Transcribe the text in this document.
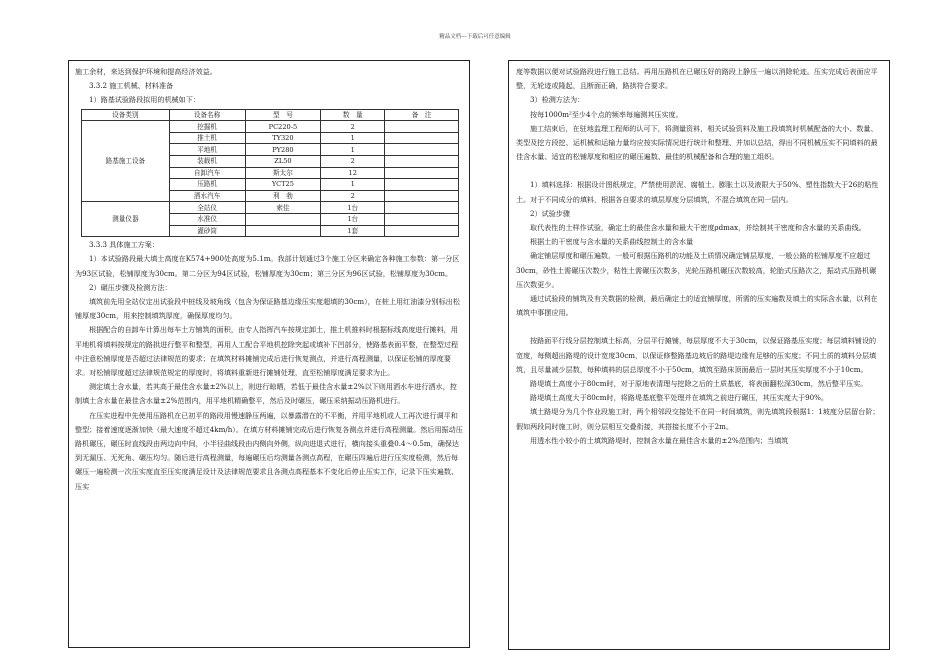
精品文档---下载后可任意编辑

施工余材，来达到保护环境和提高经济效益。

3.3.2 施工机械、材料准备

1）路基试验路段拟用的机械如下：

设备类别	设备名称	型　号	数　量	备　注
路基施工设备	挖掘机	PC220-5	2	
	推土机	TY320	1	
	平地机	PY280	1	
	装载机	ZL50	2	
	自卸汽车	斯太尔	12	
	压路机	YCT25	1	
	洒水汽车	利　勃	2	
测量仪器	全站仪	索佳	1台	
	水准仪		1台	
	灌砂筒		1套	

3.3.3 具体施工方案：

1）本试验路段最大填土高度在K574+900处高度为5.1m。我部计划通过3个施工分区来确定各种施工参数：第一分区为93区试验，松铺厚度为30cm。第二分区为94区试验，松铺厚度为30cm；第三分区为96区试验，松铺厚度为30cm。

2）碾压步骤及检测方法：

填筑前先用全站仪定出试验段中桩线及坡角线（包含为保证路基边缘压实度超填的30cm），在桩上用红油漆分别标出松铺厚度30cm，用来控制填筑厚度，确保厚度均匀。

根据配合的自卸车计算出每车土方铺筑的面积，由专人指挥汽车按规定卸土，推土机推料时根据标线高度进行摊料，用平地机将填料按规定的路拱进行整平和整型，再用人工配合平地机挖除突起或填补下凹部分，使路基表面平整，在整型过程中注意松铺厚度是否超过法律规范的要求；在填筑材料摊铺完成后进行恢复测点，并进行高程测量，以保证松铺的厚度要求。对松铺厚度超过法律规范规定的厚度时，将填料重新进行摊铺处理，直至松铺厚度满足要求为止。

测定填土含水量，若其高于最佳含水量±2%以上，则进行晾晒，若低于最佳含水量±2%以下则用洒水车进行洒水，控制填土含水量在最佳含水量±2%范围内，用平地机精确整平，然后及时碾压，碾压采纳振动压路机进行。

在压实进程中先使用压路机在已初平的路段用慢速静压两遍，以暴露潜在的不平衡，并用平地机或人工再次进行调平和整型；接着速度逐渐加快（最大速度不超过4km/h）。在填方材料摊铺完成后进行恢复各测点并进行高程测量。然后用振动压路机碾压，碾压时直线段由两边向中间，小半径曲线段由内侧向外侧，纵向进退式进行，横向接头重叠0.4～0.5m，确保达到无漏压、无死角、碾压均匀。随后进行高程测量，每遍碾压后均测量各测点高程，在碾压四遍后进行压实度检测，然后每碾压一遍检测一次压实度直至压实度满足设计及法律规范要求且各测点高程基本不变化后停止压实工作，记录下压实遍数、压实

度等数据以便对试验路段进行施工总结。再用压路机在已碾压好的路段上静压一遍以消除轮迹。压实完成后表面应平整，无轮迹或隆起，且断面正确，路拱符合要求。

3）检测方法为：

按每1000m²至少4个点的频率每遍测其压实度。

施工结束后，在驻地监理工程师的认可下，将测量资料，相关试验资料及施工段填筑时机械配备的大小、数量、类型及挖方段挖、运机械和运输力量均应按实际情况进行统计和整理、并加以总结，得出不同机械压实不同填料的最佳含水量、适宜的松铺厚度和相应的碾压遍数、最佳的机械配备和合理的施工组织。

1）填料选择：根据设计图纸规定，严禁使用淤泥、腐植土、膨胀土以及液限大于50%、塑性指数大于26的粘性土。对于不同成分的填料，根据各自要求的填层厚度分层填筑，不混合填筑在同一层内。

2）试验步骤

取代表性的土样作试验，确定土的最佳含水量和最大干密度ρdmax，并绘制其干密度和含水量的关系曲线。

根据土的干密度与含水量的关系曲线控制土的含水量

确定铺层厚度和碾压遍数，一般可根据压路机的功能及土质情况确定铺层厚度，一般公路的松铺厚度不应超过30cm，砂性土需碾压次数少，粘性土需碾压次数多，光轮压路机碾压次数较高，轮胎式压路次之，振动式压路机碾压次数更少。

通过试验段的铺筑及有关数据的检测，最后确定土的适宜铺厚度，所需的压实遍数及填土的实际含水量，以利在填筑中事摆应用。

按路面平行线分层控制填土标高，分层平行摊铺，每层厚度不大于30cm，以保证路基压实度；每层填料铺设的宽度，每侧超出路堤的设计宽度30cm，以保证修整路基边坡后的路堤边缘有足够的压实度；不同土质的填料分层填筑，且尽量减少层数，每种填料的层总厚度不小于50cm，填筑至路床顶面最后一层时其压实厚度不小于10cm。

路堤填土高度小于80cm时，对于原地表清理与挖除之后的土质基底，将表面翻松深30cm，然后整平压实。

路堤填土高度大于80cm时，将路堤基底整平处理并在填筑之前进行碾压，其压实度大于90%。

填土路堤分为几个作业段施工时，两个相邻段交接处不在同一时间填筑，则先填筑段根据1：1坡度分层留台阶；假如两段同时施工时，则分层相互交叠衔接，其搭接长度不小于2m。

用透水性小较小的土填筑路堤时，控制含水量在最佳含水量的±2%范围内；当填筑
